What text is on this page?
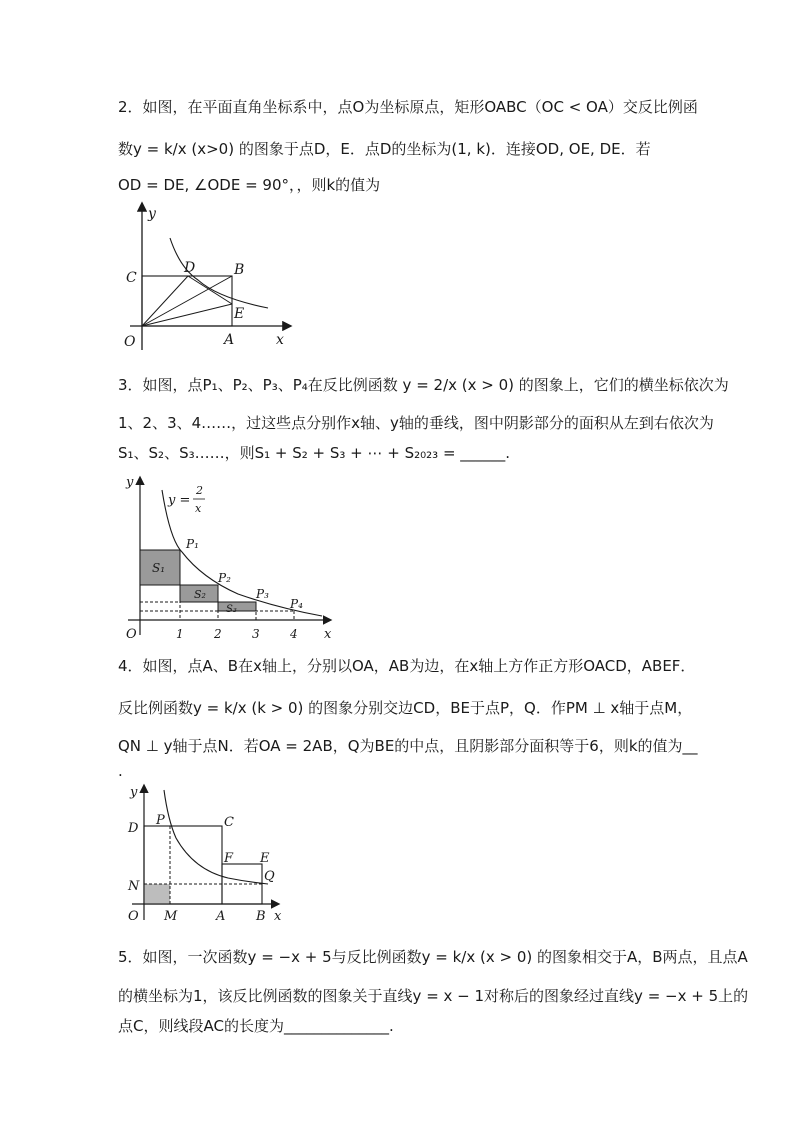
2．如图，在平面直角坐标系中，点O为坐标原点，矩形OABC（OC < OA）交反比例函
数y = k/x (x>0) 的图象于点D，E．点D的坐标为(1, k)．连接OD, OE, DE．若
OD = DE, ∠ODE = 90°，，则k的值为
y
x
O	A
B
C
D
E
3．如图，点P₁、P₂、P₃、P₄在反比例函数 y = 2/x (x > 0) 的图象上，它们的横坐标依次为
1、2、3、4……，过这些点分别作x轴、y轴的垂线，图中阴影部分的面积从左到右依次为
S₁、S₂、S₃……，则S₁ + S₂ + S₃ + ⋯ + S₂₀₂₃ = ______.
y
y =
2
x
P₁
P₂
P₃
P₄
S₁
S₂
S₃
O	1	2	3	4 x
4．如图，点A、B在x轴上，分别以OA，AB为边，在x轴上方作正方形OACD，ABEF．
反比例函数y = k/x (k > 0) 的图象分别交边CD，BE于点P，Q．作PM ⊥ x轴于点M，
QN ⊥ y轴于点N．若OA = 2AB，Q为BE的中点，且阴影部分面积等于6，则k的值为__
.
y
D
P	C
F E
Q
N
O M	A B x
5．如图，一次函数y = −x + 5与反比例函数y = k/x (x > 0) 的图象相交于A，B两点，且点A
的横坐标为1，该反比例函数的图象关于直线y = x − 1对称后的图象经过直线y = −x + 5上的
点C，则线段AC的长度为______________.
